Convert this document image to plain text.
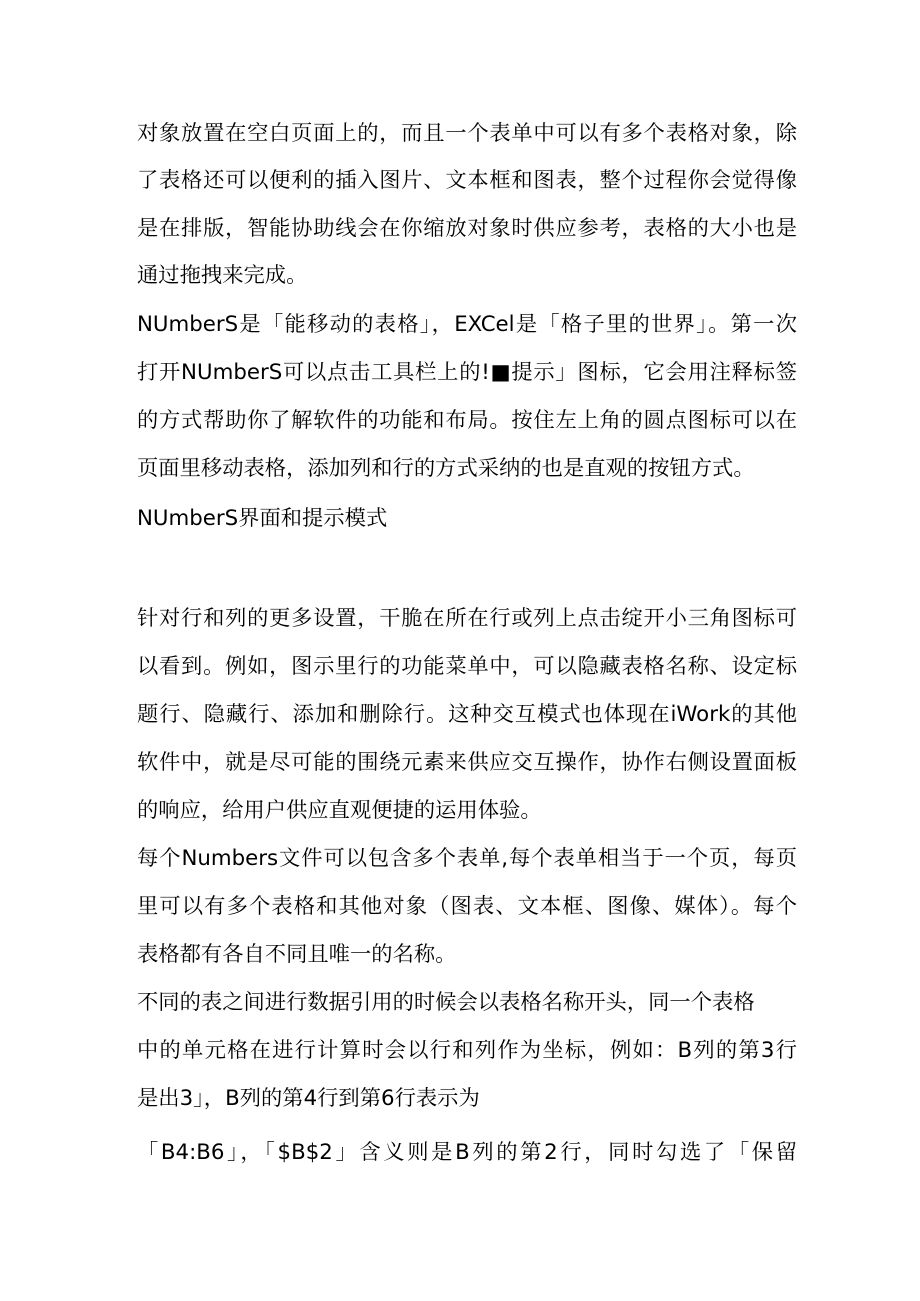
对象放置在空白页面上的，而且一个表单中可以有多个表格对象，除
了表格还可以便利的插入图片、文本框和图表，整个过程你会觉得像
是在排版，智能协助线会在你缩放对象时供应参考，表格的大小也是
通过拖拽来完成。
NUmberS是「能移动的表格」，EXCel是「格子里的世界」。第一次
打开NUmberS可以点击工具栏上的!■提示」图标，它会用注释标签
的方式帮助你了解软件的功能和布局。按住左上角的圆点图标可以在
页面里移动表格，添加列和行的方式采纳的也是直观的按钮方式。
NUmberS界面和提示模式
针对行和列的更多设置，干脆在所在行或列上点击绽开小三角图标可
以看到。例如，图示里行的功能菜单中，可以隐藏表格名称、设定标
题行、隐藏行、添加和删除行。这种交互模式也体现在iWork的其他
软件中，就是尽可能的围绕元素来供应交互操作，协作右侧设置面板
的响应，给用户供应直观便捷的运用体验。
每个Numbers文件可以包含多个表单,每个表单相当于一个页，每页
里可以有多个表格和其他对象（图表、文本框、图像、媒体）。每个
表格都有各自不同且唯一的名称。
不同的表之间进行数据引用的时候会以表格名称开头，同一个表格
中的单元格在进行计算时会以行和列作为坐标，例如：B列的第3行
是出3」，B列的第4行到第6行表示为
「B4:B6」，「$B$2」含义则是B列的第2行，同时勾选了「保留
